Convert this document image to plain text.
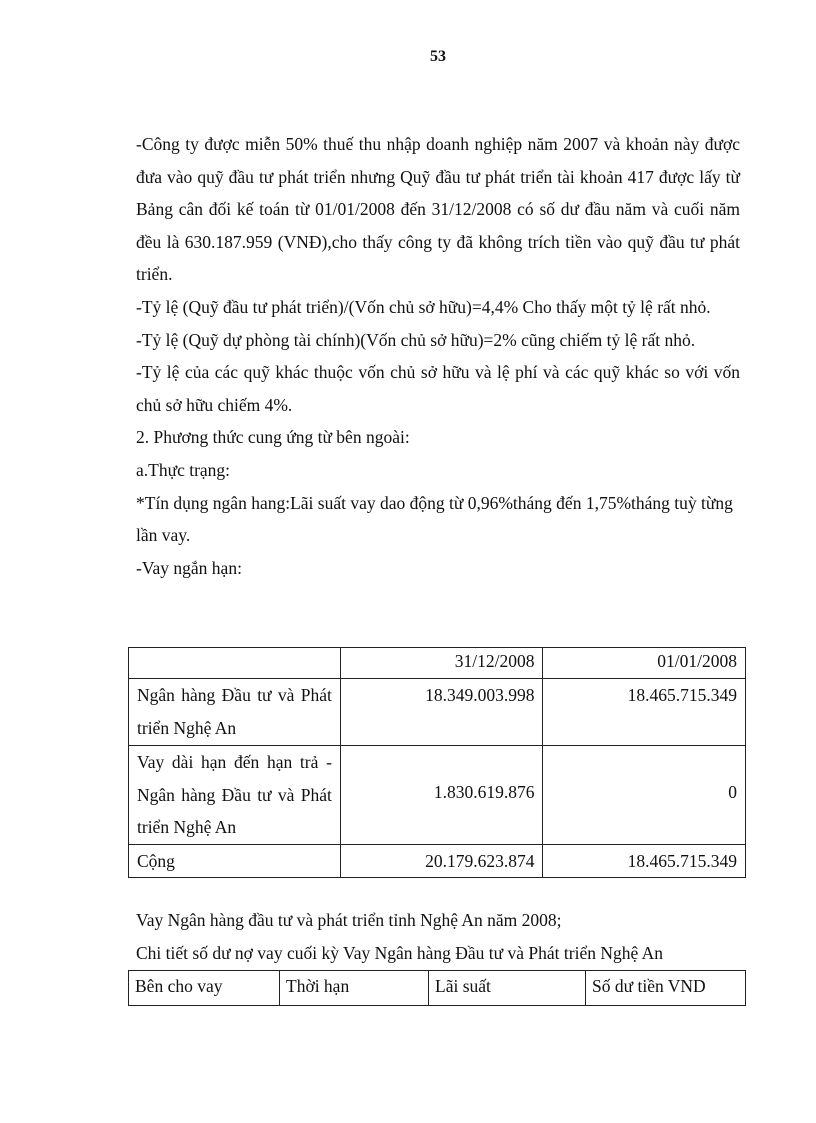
53

-Công ty được miễn 50% thuế thu nhập doanh nghiệp năm 2007 và khoản này được đưa vào quỹ đầu tư phát triển nhưng Quỹ đầu tư phát triển tài khoản 417 được lấy từ Bảng cân đối kế toán từ 01/01/2008 đến 31/12/2008 có số dư đầu năm và cuối năm đều là 630.187.959 (VNĐ),cho thấy công ty đã không trích tiền vào quỹ đầu tư phát triển.

-Tỷ lệ (Quỹ đầu tư phát triển)/(Vốn chủ sở hữu)=4,4% Cho thấy một tỷ lệ rất nhỏ.

-Tỷ lệ (Quỹ dự phòng tài chính)(Vốn chủ sở hữu)=2% cũng chiếm tỷ lệ rất nhỏ.

-Tỷ lệ của các quỹ khác thuộc vốn chủ sở hữu và lệ phí và các quỹ khác so với vốn chủ sở hữu chiếm 4%.

2. Phương thức cung ứng từ bên ngoài:

a.Thực trạng:

*Tín dụng ngân hang:Lãi suất vay dao động từ 0,96%tháng đến 1,75%tháng tuỳ từng lần vay.

-Vay ngắn hạn:

	31/12/2008	01/01/2008
Ngân hàng Đầu tư và Phát triển Nghệ An	18.349.003.998	18.465.715.349
Vay dài hạn đến hạn trả - Ngân hàng Đầu tư và Phát triển Nghệ An	1.830.619.876	0
Cộng	20.179.623.874	18.465.715.349

Vay Ngân hàng đầu tư và phát triển tỉnh Nghệ An năm 2008;

Chi tiết số dư nợ vay cuối kỳ Vay Ngân hàng Đầu tư và Phát triển Nghệ An

Bên cho vay	Thời hạn	Lãi suất	Số dư tiền VND
